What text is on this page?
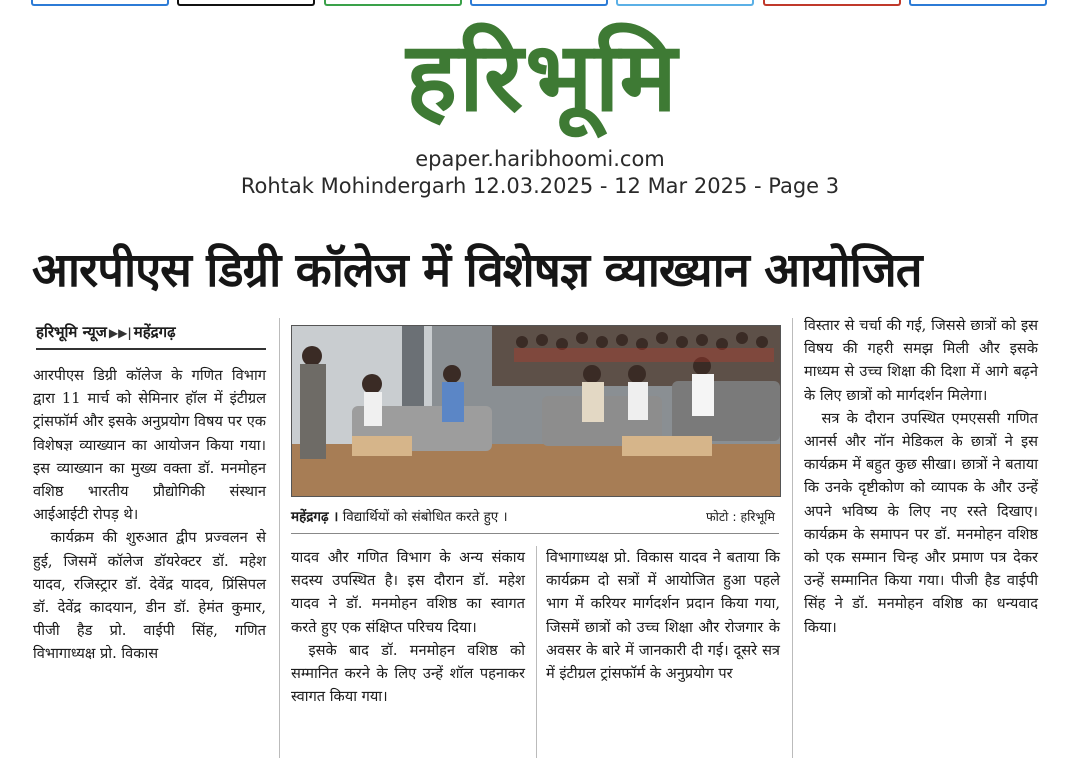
हरिभूमि
epaper.haribhoomi.com
Rohtak Mohindergarh 12.03.2025 - 12 Mar 2025 - Page 3
आरपीएस डिग्री कॉलेज में विशेषज्ञ व्याख्यान आयोजित
हरिभूमि न्यूज ▶▶| महेंद्रगढ़

आरपीएस डिग्री कॉलेज के गणित विभाग द्वारा 11 मार्च को सेमिनार हॉल में इंटीग्रल ट्रांसफॉर्म और इसके अनुप्रयोग विषय पर एक विशेषज्ञ व्याख्यान का आयोजन किया गया। इस व्याख्यान का मुख्य वक्ता डॉ. मनमोहन वशिष्ठ भारतीय प्रौद्योगिकी संस्थान आईआईटी रोपड़ थे।

कार्यक्रम की शुरुआत द्वीप प्रज्वलन से हुई, जिसमें कॉलेज डॉयरेक्टर डॉ. महेश यादव, रजिस्ट्रार डॉ. देवेंद्र यादव, प्रिंसिपल डॉ. देवेंद्र कादयान, डीन डॉ. हेमंत कुमार, पीजी हैड प्रो. वाईपी सिंह, गणित विभागाध्यक्ष प्रो. विकास

महेंद्रगढ़ । विद्यार्थियों को संबोधित करते हुए ।	फोटो : हरिभूमि

यादव और गणित विभाग के अन्य संकाय सदस्य उपस्थित है। इस दौरान डॉ. महेश यादव ने डॉ. मनमोहन वशिष्ठ का स्वागत करते हुए एक संक्षिप्त परिचय दिया।

इसके बाद डॉ. मनमोहन वशिष्ठ को सम्मानित करने के लिए उन्हें शॉल पहनाकर स्वागत किया गया।

विभागाध्यक्ष प्रो. विकास यादव ने बताया कि कार्यक्रम दो सत्रों में आयोजित हुआ पहले भाग में करियर मार्गदर्शन प्रदान किया गया, जिसमें छात्रों को उच्च शिक्षा और रोजगार के अवसर के बारे में जानकारी दी गई। दूसरे सत्र में इंटीग्रल ट्रांसफॉर्म के अनुप्रयोग पर

विस्तार से चर्चा की गई, जिससे छात्रों को इस विषय की गहरी समझ मिली और इसके माध्यम से उच्च शिक्षा की दिशा में आगे बढ़ने के लिए छात्रों को मार्गदर्शन मिलेगा।

सत्र के दौरान उपस्थित एमएससी गणित आनर्स और नॉन मेडिकल के छात्रों ने इस कार्यक्रम में बहुत कुछ सीखा। छात्रों ने बताया कि उनके दृष्टीकोण को व्यापक के और उन्हें अपने भविष्य के लिए नए रस्ते दिखाए। कार्यक्रम के समापन पर डॉ. मनमोहन वशिष्ठ को एक सम्मान चिन्ह और प्रमाण पत्र देकर उन्हें सम्मानित किया गया। पीजी हैड वाईपी सिंह ने डॉ. मनमोहन वशिष्ठ का धन्यवाद किया।
